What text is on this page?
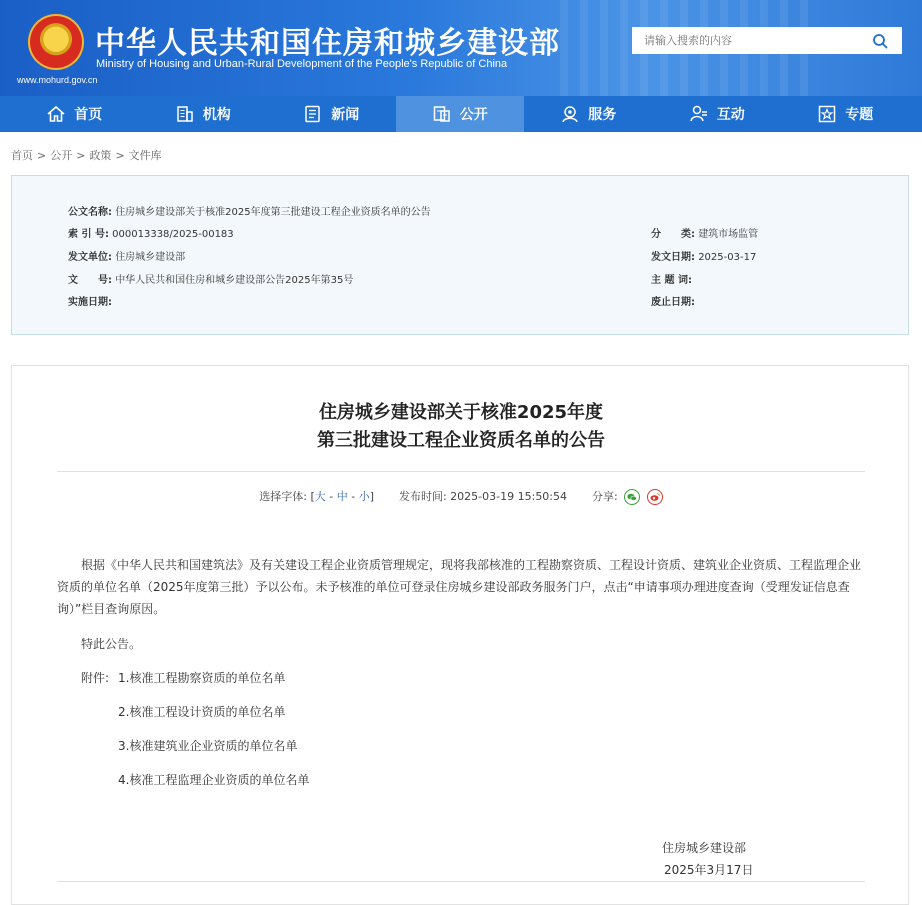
中华人民共和国住房和城乡建设部
Ministry of Housing and Urban-Rural Development of the People's Republic of China
www.mohurd.gov.cn
请输入搜索的内容
首页	机构	新闻	公开	服务	互动	专题
首页 > 公开 > 政策 > 文件库
公文名称: 住房城乡建设部关于核准2025年度第三批建设工程企业资质名单的公告
索 引 号: 000013338/2025-00183	分　　类: 建筑市场监管
发文单位: 住房城乡建设部	发文日期: 2025-03-17
文　　号: 中华人民共和国住房和城乡建设部公告2025年第35号	主 题 词:
实施日期:	废止日期:
住房城乡建设部关于核准2025年度
第三批建设工程企业资质名单的公告
选择字体: [大 - 中 - 小] 发布时间: 2025-03-19 15:50:54 分享:
根据《中华人民共和国建筑法》及有关建设工程企业资质管理规定，现将我部核准的工程勘察资质、工程设计资质、建筑业企业资质、工程监理企业资质的单位名单（2025年度第三批）予以公布。未予核准的单位可登录住房城乡建设部政务服务门户，点击“申请事项办理进度查询（受理发证信息查询）”栏目查询原因。
特此公告。
附件: 1.核准工程勘察资质的单位名单
2.核准工程设计资质的单位名单
3.核准建筑业企业资质的单位名单
4.核准工程监理企业资质的单位名单
住房城乡建设部
2025年3月17日
